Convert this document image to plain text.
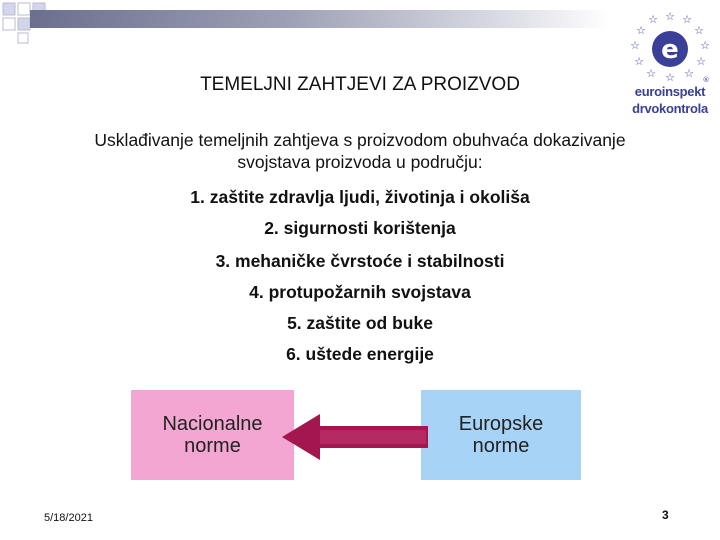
TEMELJNI ZAHTJEVI ZA PROIZVOD
☆
☆ ☆
☆	☆
☆	☆
☆	☆
☆	☆
☆
e
®
euroinspekt
drvokontrola
Usklađivanje temeljnih zahtjeva s proizvodom obuhvaća dokazivanje
svojstava proizvoda u području:
1. zaštite zdravlja ljudi, životinja i okoliša
2. sigurnosti korištenja
3. mehaničke čvrstoće i stabilnosti
4. protupožarnih svojstava
5. zaštite od buke
6. uštede energije
Nacionalne
norme
Europske
norme
5/18/2021	3
